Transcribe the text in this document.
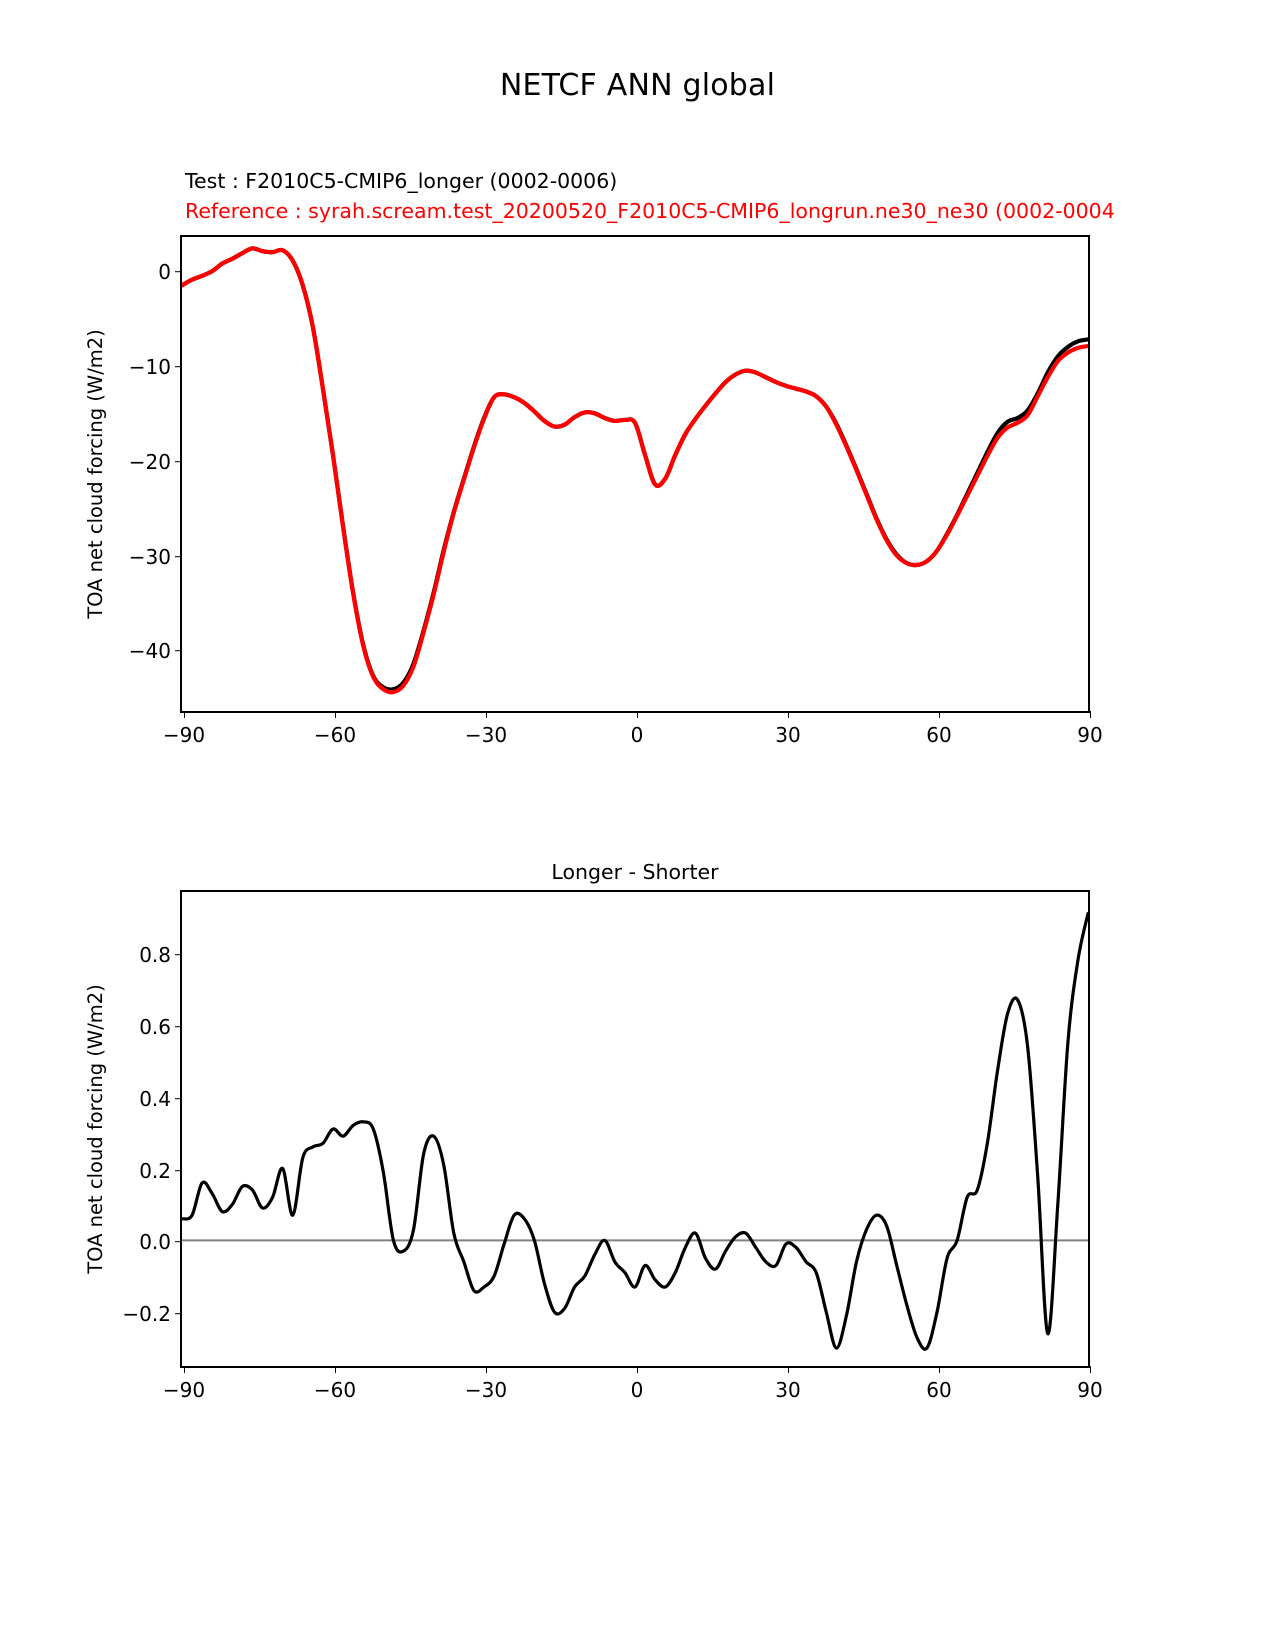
NETCF ANN global
Test : F2010C5-CMIP6_longer (0002-0006)
Reference : syrah.scream.test_20200520_F2010C5-CMIP6_longrun.ne30_ne30 (0002-0004
TOA net cloud forcing (W/m2)
0
−10
−20
−30
−40
−90	−60	−30	0	30	60	90
Longer - Shorter
TOA net cloud forcing (W/m2)
0.8
0.6
0.4
0.2
0.0
−0.2
−90	−60	−30	0	30	60	90
